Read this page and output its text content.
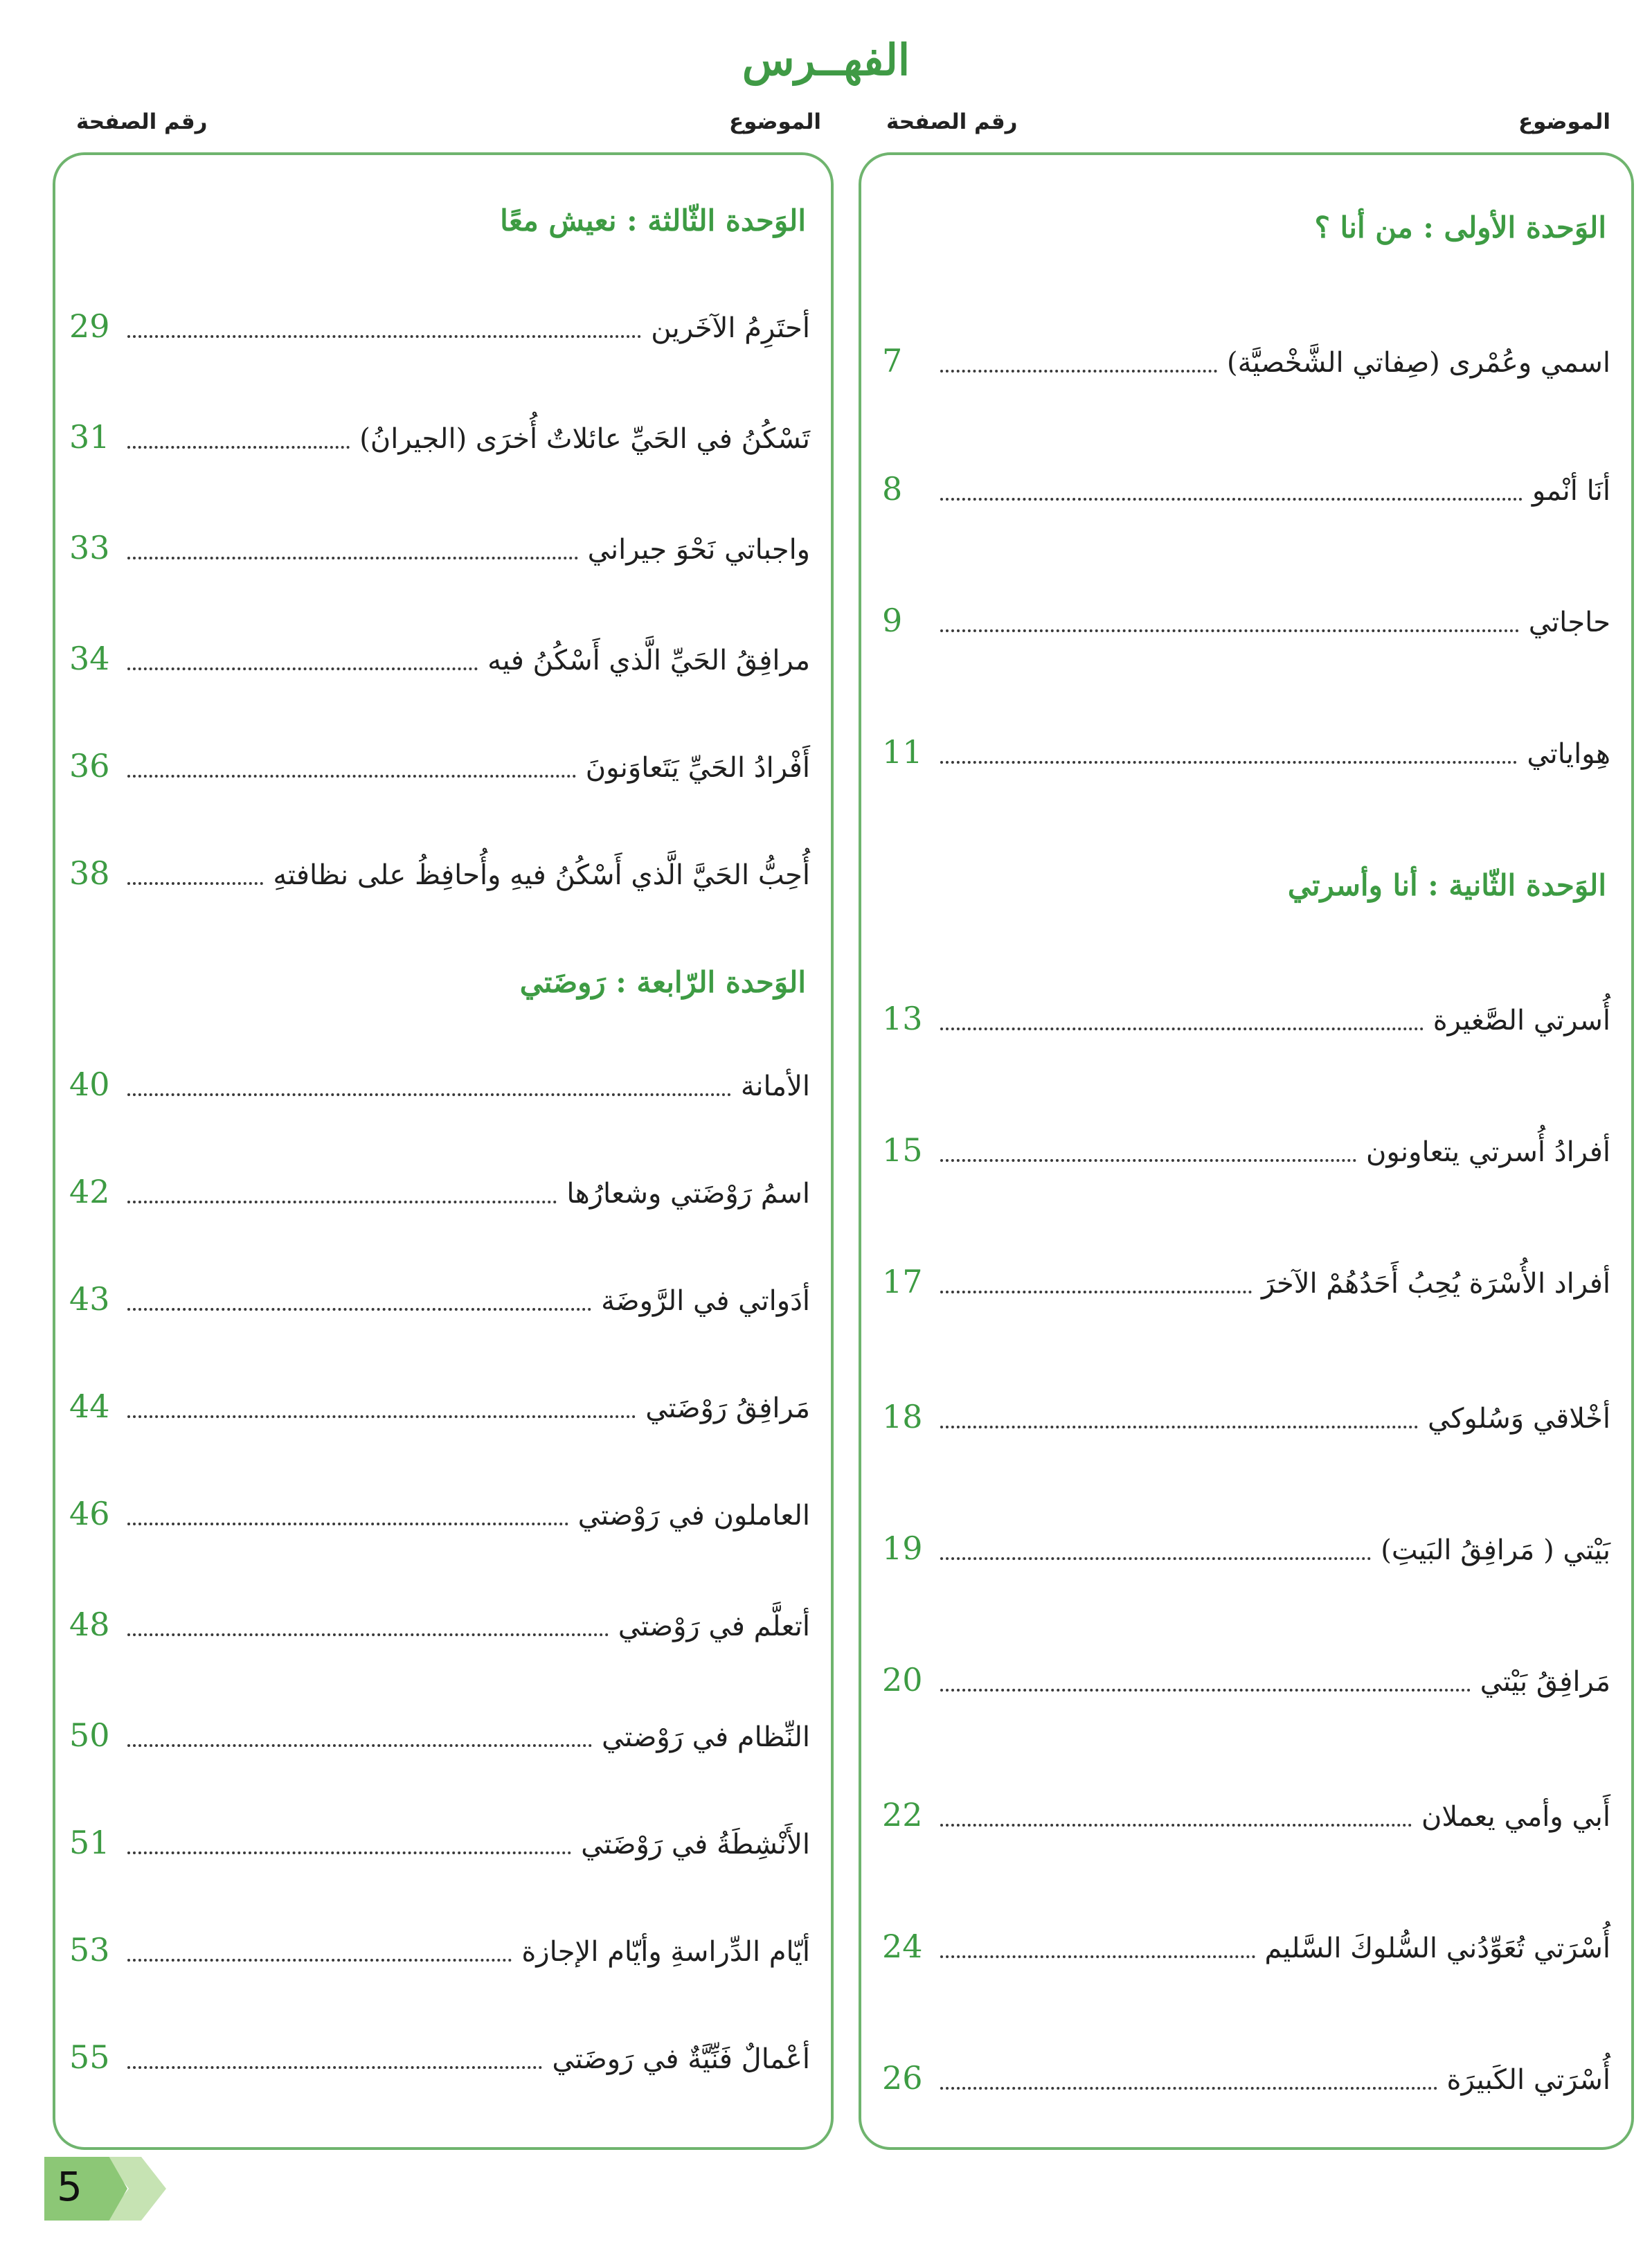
الفهــرس
الموضوع
رقم الصفحة
الموضوع
رقم الصفحة
الوَحدة الأولى : من أنا ؟
اسمي وعُمْرى (صِفاتي الشَّخْصيَّة)
7
أنَا أنْمو
8
حاجاتي
9
هِواياتي
11
الوَحدة الثّانية : أنا وأسرتي
أُسرتي الصَّغيرة
13
أفرادُ أُسرتي يتعاونون
15
أفراد الأُسْرَة يُحِبُ أَحَدُهُمْ الآخرَ
17
أخْلاقي وَسُلوكي
18
بَيْتي ( مَرافِقُ البَيتِ)
19
مَرافِقُ بَيْتي
20
أَبي وأمي يعملان
22
أُسْرَتي تُعَوِّدُني السُّلوكَ السَّليم
24
أُسْرَتي الكَبيرَة
26
الوَحدة الثّالثة : نعيش معًا
أحتَرِمُ الآخَرين
29
تَسْكُنُ في الحَيِّ عائلاتٌ أُخرَى (الجيرانُ)
31
واجباتي نَحْوَ جيراني
33
مرافِقُ الحَيِّ الَّذي أَسْكُنُ فيه
34
أَفْرادُ الحَيِّ يَتَعاوَنونَ
36
أُحِبُّ الحَيَّ الَّذي أَسْكُنُ فيهِ وأُحافِظُ على نظافتهِ
38
الوَحدة الرّابعة : رَوضَتي
الأمانة
40
اسمُ رَوْضَتي وشعارُها
42
أدَواتي في الرَّوضَة
43
مَرافِقُ رَوْضَتي
44
العاملون في رَوْضتي
46
أتعلَّم في رَوْضتي
48
النِّظام في رَوْضتي
50
الأَنْشِطَةُ في رَوْضَتي
51
أيّام الدِّراسةِ وأيّام الإجازة
53
أعْمالٌ فَنِّيَّةٌ في رَوضَتي
55
5
